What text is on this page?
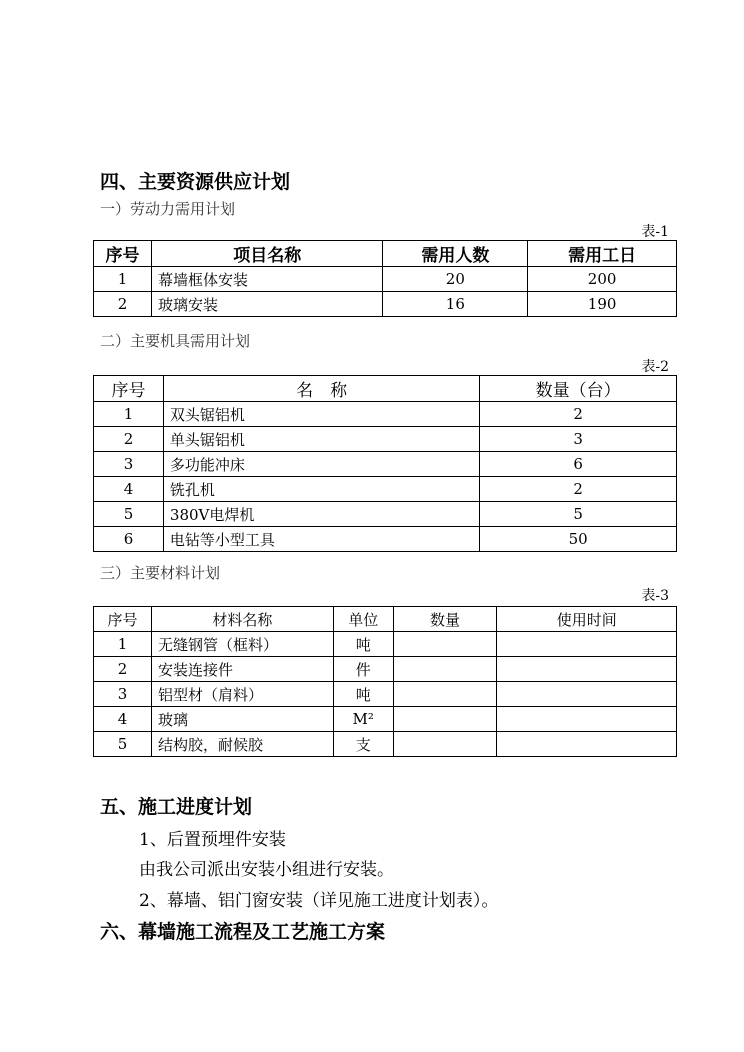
四、主要资源供应计划
一）劳动力需用计划
表-1
序号	项目名称	需用人数	需用工日
1	幕墙框体安装	20	200
2	玻璃安装	16	190
二）主要机具需用计划
表-2
序号	名　称	数量（台）
1	双头锯铝机	2
2	单头锯铝机	3
3	多功能冲床	6
4	铣孔机	2
5	380V电焊机	5
6	电钻等小型工具	50
三）主要材料计划
表-3
序号	材料名称	单位	数量	使用时间
1	无缝钢管（框料）	吨		
2	安装连接件	件		
3	铝型材（肩料）	吨		
4	玻璃	M²		
5	结构胶，耐候胶	支		
五、施工进度计划
1、后置预埋件安装
由我公司派出安装小组进行安装。
2、幕墙、铝门窗安装（详见施工进度计划表）。
六、幕墙施工流程及工艺施工方案
